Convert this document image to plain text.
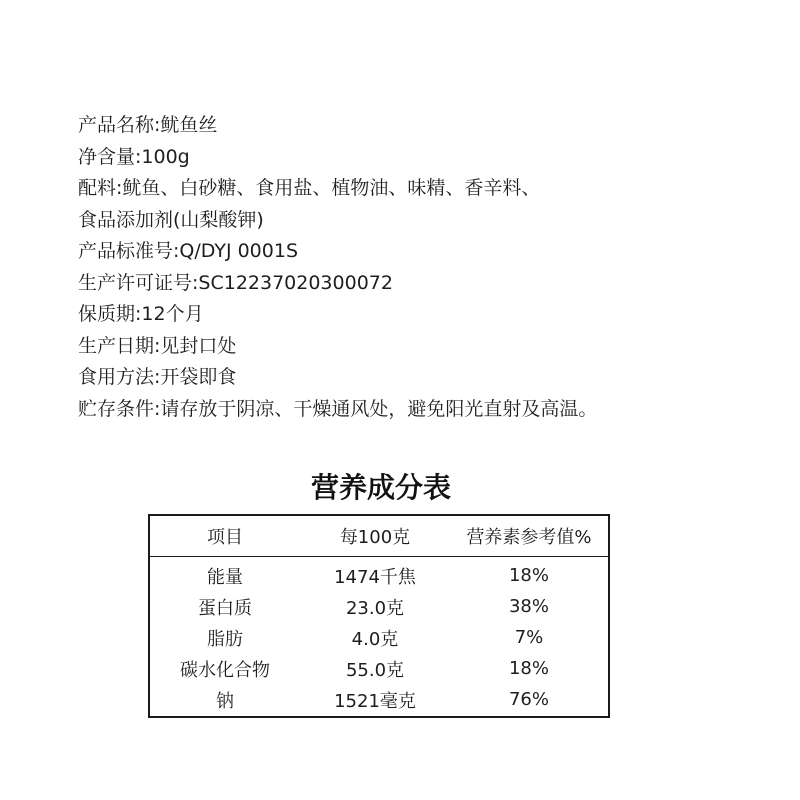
产品名称:鱿鱼丝
净含量:100g
配料:鱿鱼、白砂糖、食用盐、植物油、味精、香辛料、
食品添加剂(山梨酸钾)
产品标准号:Q/DYJ 0001S
生产许可证号:SC12237020300072
保质期:12个月
生产日期:见封口处
食用方法:开袋即食
贮存条件:请存放于阴凉、干燥通风处，避免阳光直射及高温。
营养成分表
项目	每100克	营养素参考值%
能量	1474千焦	18%
蛋白质	23.0克	38%
脂肪	4.0克	7%
碳水化合物	55.0克	18%
钠	1521毫克	76%
